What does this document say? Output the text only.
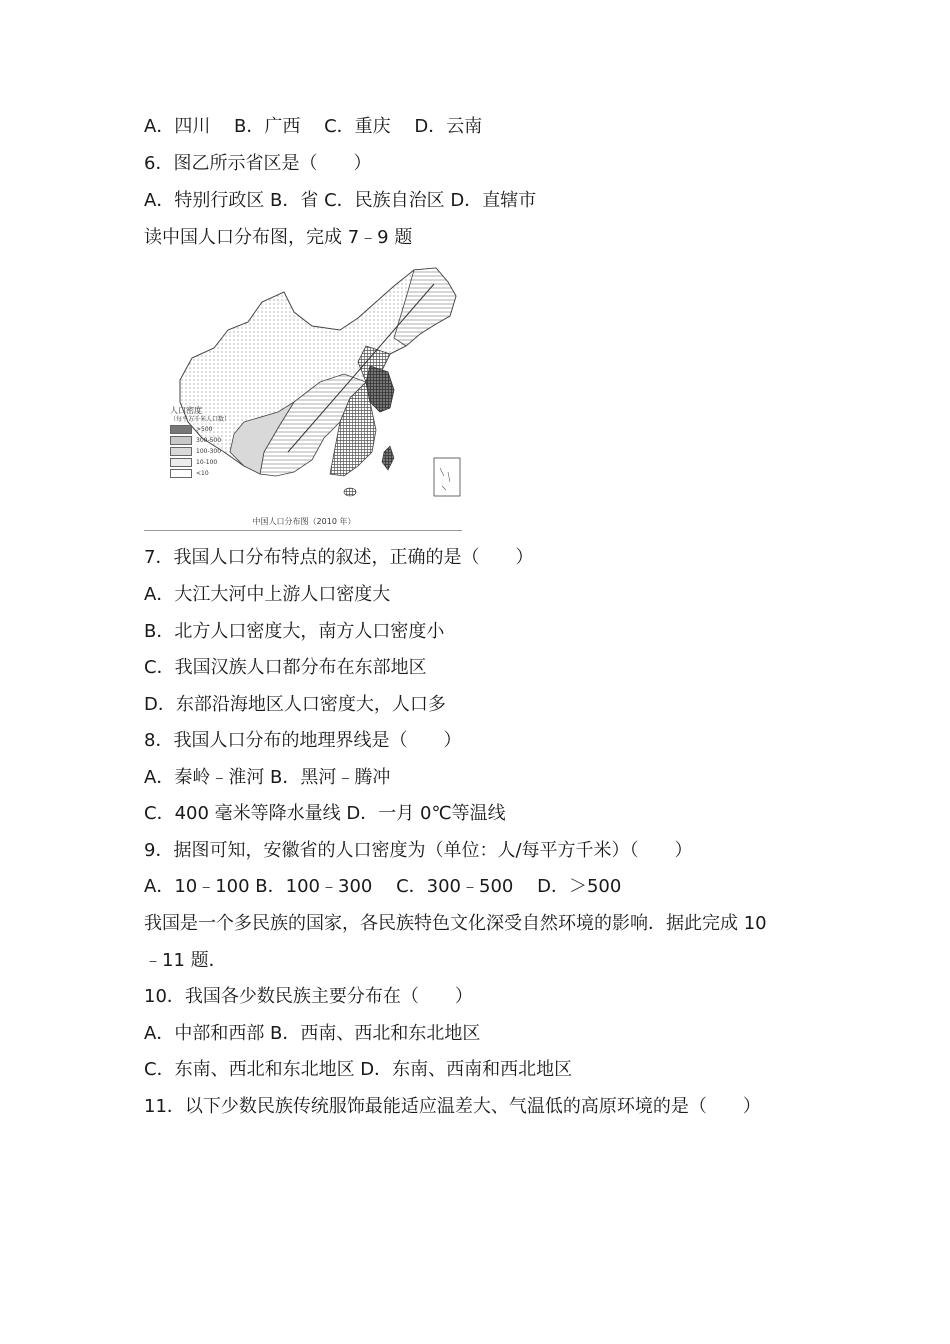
A．四川　 B．广西　 C．重庆　 D．云南
6．图乙所示省区是（　　）
A．特别行政区 B．省 C．民族自治区 D．直辖市
读中国人口分布图，完成 7﹣9 题
人口密度
（每平方千米人口数）
>500
300-500
100-300
10-100
<10
中国人口分布图（2010 年）
7．我国人口分布特点的叙述，正确的是（　　）
A．大江大河中上游人口密度大
B．北方人口密度大，南方人口密度小
C．我国汉族人口都分布在东部地区
D．东部沿海地区人口密度大，人口多
8．我国人口分布的地理界线是（　　）
A．秦岭﹣淮河 B．黑河﹣腾冲
C．400 毫米等降水量线 D．一月 0℃等温线
9．据图可知，安徽省的人口密度为（单位：人/每平方千米）（　　）
A．10﹣100 B．100﹣300　 C．300﹣500　 D．＞500
我国是一个多民族的国家，各民族特色文化深受自然环境的影响．据此完成 10
﹣11 题．
10．我国各少数民族主要分布在（　　）
A．中部和西部 B．西南、西北和东北地区
C．东南、西北和东北地区 D．东南、西南和西北地区
11．以下少数民族传统服饰最能适应温差大、气温低的高原环境的是（　　）
